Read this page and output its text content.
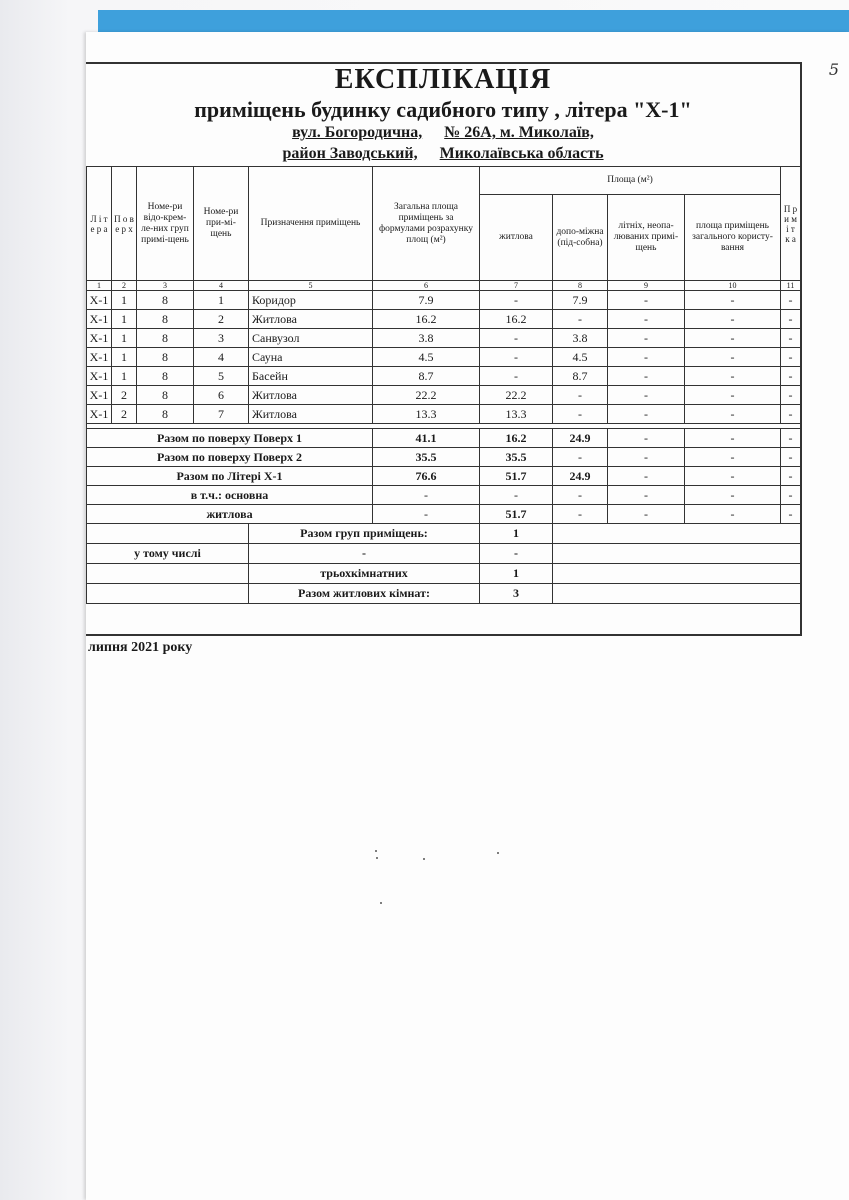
5
ЕКСПЛІКАЦІЯ
приміщень будинку садибного типу , літера "Х-1"
вул. Богородична, № 26А, м. Миколаїв,
район Заводський, Миколаївська область
Л і т е р а	П о в е р х	Номе-ри відо-крем-ле-них груп примі-щень	Номе-ри при-мі-щень	Призначення приміщень	Загальна площа приміщень за формулами розрахунку площ (м²)	Площа (м²)				П р и м і т к а
						житлова	допо-міжна (під-собна)	літніх, неопа-люваних примі-щень	площа приміщень загального користу-вання	
1	2	3	4	5	6	7	8	9	10	11
Х-1	1	8	1	Коридор	7.9	-	7.9	-	-	-
Х-1	1	8	2	Житлова	16.2	16.2	-	-	-	-
Х-1	1	8	3	Санвузол	3.8	-	3.8	-	-	-
Х-1	1	8	4	Сауна	4.5	-	4.5	-	-	-
Х-1	1	8	5	Басейн	8.7	-	8.7	-	-	-
Х-1	2	8	6	Житлова	22.2	22.2	-	-	-	-
Х-1	2	8	7	Житлова	13.3	13.3	-	-	-	-

Разом по поверху Поверх 1					41.1	16.2	24.9	-	-	-
Разом по поверху Поверх 2					35.5	35.5	-	-	-	-
Разом по Літері Х-1					76.6	51.7	24.9	-	-	-
в т.ч.: основна					-	-	-	-	-	-
житлова					-	51.7	-	-	-	-
				Разом груп приміщень:		1				
у тому числі				-		-				
				трьохкімнатних		1				
				Разом житлових кімнат:		3				
липня 2021 року
